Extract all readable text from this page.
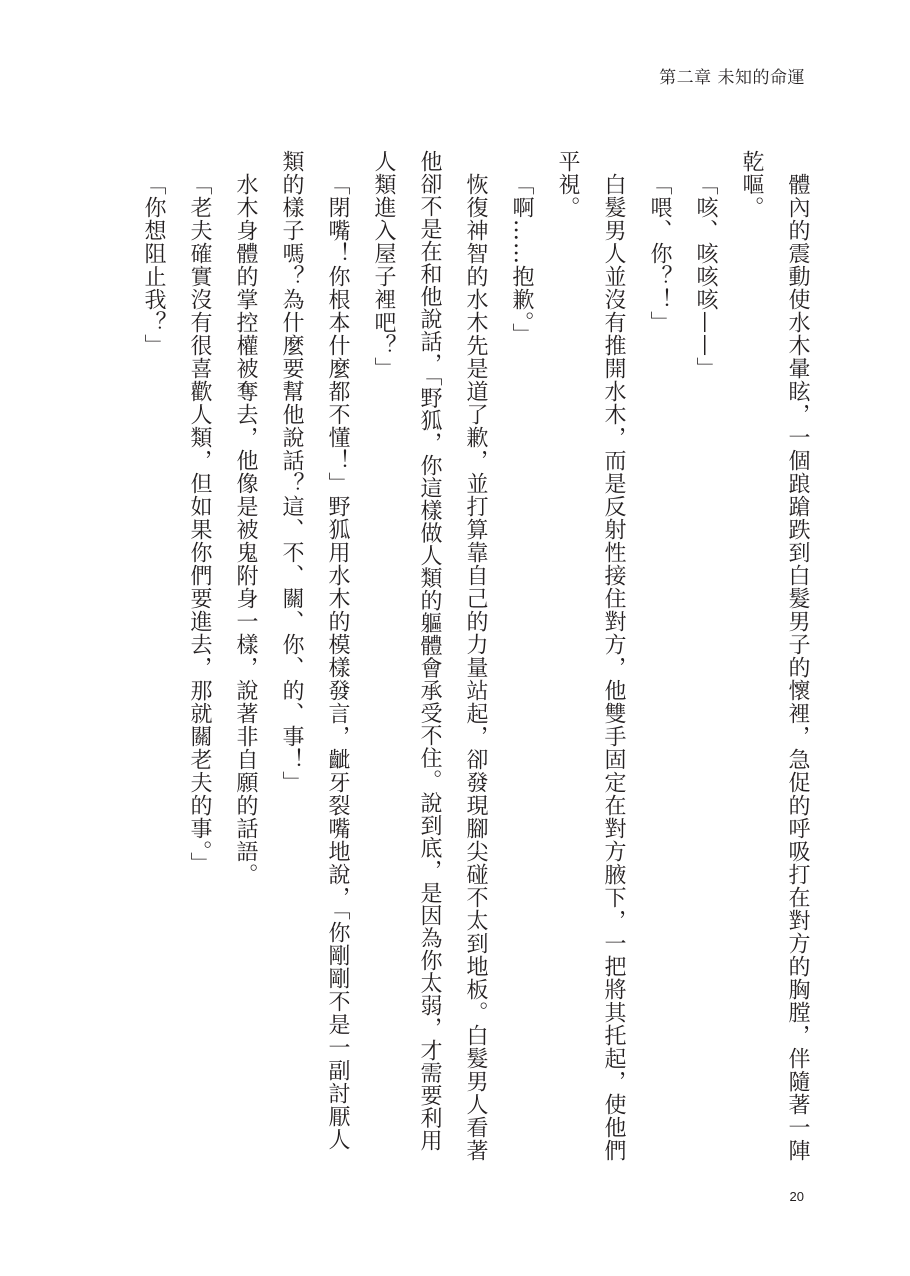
第二章 未知的命運
體內的震動使水木暈眩，一個踉蹌跌到白髮男子的懷裡，急促的呼吸打在對方的胸膛，伴隨著一陣
乾嘔。
「咳、咳咳咳——」
「喂、你？！」
白髮男人並沒有推開水木，而是反射性接住對方，他雙手固定在對方腋下，一把將其托起，使他們
平視。
「啊……抱歉。」
恢復神智的水木先是道了歉，並打算靠自己的力量站起，卻發現腳尖碰不太到地板。白髮男人看著
他卻不是在和他說話，「野狐，你這樣做人類的軀體會承受不住。說到底，是因為你太弱，才需要利用
人類進入屋子裡吧？」
「閉嘴！你根本什麼都不懂！」野狐用水木的模樣發言，齜牙裂嘴地說，「你剛剛不是一副討厭人
類的樣子嗎？為什麼要幫他說話？這、不、關、你、的、事！」
水木身體的掌控權被奪去，他像是被鬼附身一樣，說著非自願的話語。
「老夫確實沒有很喜歡人類，但如果你們要進去，那就關老夫的事。」
「你想阻止我？」
20
